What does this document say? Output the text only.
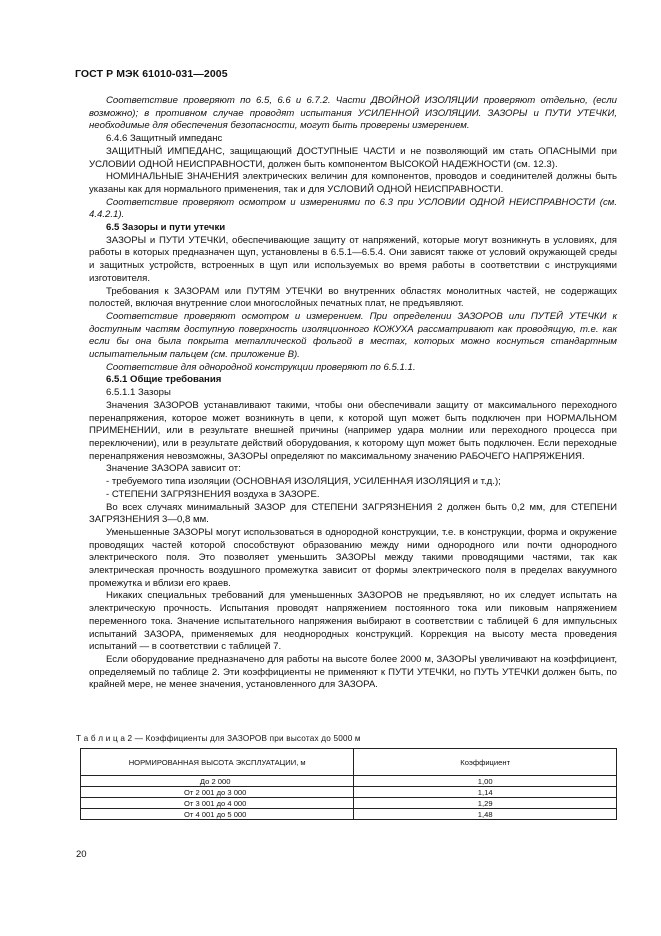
ГОСТ Р МЭК 61010-031—2005

Соответствие проверяют по 6.5, 6.6 и 6.7.2. Части ДВОЙНОЙ ИЗОЛЯЦИИ проверяют отдельно, (если возможно); в противном случае проводят испытания УСИЛЕННОЙ ИЗОЛЯЦИИ. ЗАЗОРЫ и ПУТИ УТЕЧКИ, необходимые для обеспечения безопасности, могут быть проверены измерением.

6.4.6 Защитный импеданс

ЗАЩИТНЫЙ ИМПЕДАНС, защищающий ДОСТУПНЫЕ ЧАСТИ и не позволяющий им стать ОПАСНЫМИ при УСЛОВИИ ОДНОЙ НЕИСПРАВНОСТИ, должен быть компонентом ВЫСОКОЙ НАДЕЖНОСТИ (см. 12.3).

НОМИНАЛЬНЫЕ ЗНАЧЕНИЯ электрических величин для компонентов, проводов и соединителей должны быть указаны как для нормального применения, так и для УСЛОВИЙ ОДНОЙ НЕИСПРАВНОСТИ.

Соответствие проверяют осмотром и измерениями по 6.3 при УСЛОВИИ ОДНОЙ НЕИСПРАВНОСТИ (см. 4.4.2.1).

6.5 Зазоры и пути утечки

ЗАЗОРЫ и ПУТИ УТЕЧКИ, обеспечивающие защиту от напряжений, которые могут возникнуть в условиях, для работы в которых предназначен щуп, установлены в 6.5.1—6.5.4. Они зависят также от условий окружающей среды и защитных устройств, встроенных в щуп или используемых во время работы в соответствии с инструкциями изготовителя.

Требования к ЗАЗОРАМ или ПУТЯМ УТЕЧКИ во внутренних областях монолитных частей, не содержащих полостей, включая внутренние слои многослойных печатных плат, не предъявляют.

Соответствие проверяют осмотром и измерением. При определении ЗАЗОРОВ или ПУТЕЙ УТЕЧКИ к доступным частям доступную поверхность изоляционного КОЖУХА рассматривают как проводящую, т.е. как если бы она была покрыта металлической фольгой в местах, которых можно коснуться стандартным испытательным пальцем (см. приложение В).

Соответствие для однородной конструкции проверяют по 6.5.1.1.

6.5.1 Общие требования

6.5.1.1 Зазоры

Значения ЗАЗОРОВ устанавливают такими, чтобы они обеспечивали защиту от максимального переходного перенапряжения, которое может возникнуть в цепи, к которой щуп может быть подключен при НОРМАЛЬНОМ ПРИМЕНЕНИИ, или в результате внешней причины (например удара молнии или переходного процесса при переключении), или в результате действий оборудования, к которому щуп может быть подключен. Если переходные перенапряжения невозможны, ЗАЗОРЫ определяют по максимальному значению РАБОЧЕГО НАПРЯЖЕНИЯ.

Значение ЗАЗОРА зависит от:

- требуемого типа изоляции (ОСНОВНАЯ ИЗОЛЯЦИЯ, УСИЛЕННАЯ ИЗОЛЯЦИЯ и т.д.);

- СТЕПЕНИ ЗАГРЯЗНЕНИЯ воздуха в ЗАЗОРЕ.

Во всех случаях минимальный ЗАЗОР для СТЕПЕНИ ЗАГРЯЗНЕНИЯ 2 должен быть 0,2 мм, для СТЕПЕНИ ЗАГРЯЗНЕНИЯ 3—0,8 мм.

Уменьшенные ЗАЗОРЫ могут использоваться в однородной конструкции, т.е. в конструкции, форма и окружение проводящих частей которой способствуют образованию между ними однородного или почти однородного электрического поля. Это позволяет уменьшить ЗАЗОРЫ между такими проводящими частями, так как электрическая прочность воздушного промежутка зависит от формы электрического поля в пределах вакуумного промежутка и вблизи его краев.

Никаких специальных требований для уменьшенных ЗАЗОРОВ не предъявляют, но их следует испытать на электрическую прочность. Испытания проводят напряжением постоянного тока или пиковым напряжением переменного тока. Значение испытательного напряжения выбирают в соответствии с таблицей 6 для импульсных испытаний ЗАЗОРА, применяемых для неоднородных конструкций. Коррекция на высоту места проведения испытаний — в соответствии с таблицей 7.

Если оборудование предназначено для работы на высоте более 2000 м, ЗАЗОРЫ увеличивают на коэффициент, определяемый по таблице 2. Эти коэффициенты не применяют к ПУТИ УТЕЧКИ, но ПУТЬ УТЕЧКИ должен быть, по крайней мере, не менее значения, установленного для ЗАЗОРА.

Т а б л и ц а 2 — Коэффициенты для ЗАЗОРОВ при высотах до 5000 м
НОРМИРОВАННАЯ ВЫСОТА ЭКСПЛУАТАЦИИ, м	Коэффициент
До 2 000	1,00
От 2 001 до 3 000	1,14
От 3 001 до 4 000	1,29
От 4 001 до 5 000	1,48
20
